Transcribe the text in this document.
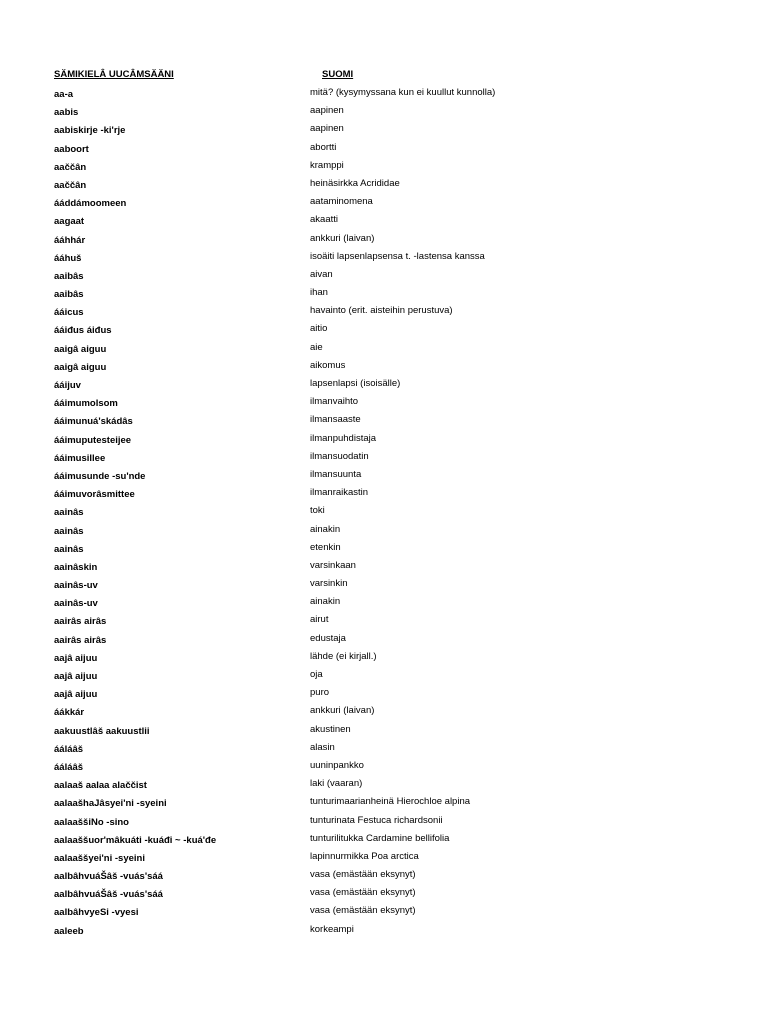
SÄMIKIELÂ UUCÂMSÄÄNI	SUOMI
aa-a	mitä? (kysymyssana kun ei kuullut kunnolla)
aabis	aapinen
aabiskirje -ki'rje	aapinen
aaboort	abortti
aaččân	kramppi
aaččân	heinäsirkka Acrididae
ááddámoomeen	aataminomena
aagaat	akaatti
ááhhár	ankkuri (laivan)
ááhuš	isoäiti lapsenlapsensa t. -lastensa kanssa
aaibâs	aivan
aaibâs	ihan
ááicus	havainto (erit. aisteihin perustuva)
ááiđus áiđus	aitio
aaigâ aiguu	aie
aaigâ aiguu	aikomus
ááijuv	lapsenlapsi (isoisälle)
ááimumolsom	ilmanvaihto
ááimunuá'skádâs	ilmansaaste
ááimuputesteijee	ilmanpuhdistaja
ááimusillee	ilmansuodatin
ááimusunde -su'nde	ilmansuunta
ááimuvorâsmittee	ilmanraikastin
aainâs	toki
aainâs	ainakin
aainâs	etenkin
aainâskin	varsinkaan
aainâs-uv	varsinkin
aainâs-uv	ainakin
aairâs airâs	airut
aairâs airâs	edustaja
aajâ aijuu	lähde (ei kirjall.)
aajâ aijuu	oja
aajâ aijuu	puro
áákkár	ankkuri (laivan)
aakuustlâš aakuustlii	akustinen
ááláâš	alasin
ááláâš	uuninpankko
aalaaš aalaa alaččist	laki (vaaran)
aalaašhaJâsyei'ni -syeini	tunturimaarianheinä Hierochloe alpina
aalaaššiNo -sino	tunturinata Festuca richardsonii
aalaaššuor'mâkuáti -kuáđi ~ -kuá'đe	tunturilitukka Cardamine bellifolia
aalaaššyei'ni -syeini	lapinnurmikka Poa arctica
aalbâhvuáŠâš -vuás'sáá	vasa (emästään eksynyt)
aalbâhvuáŠâš -vuás'sáá	vasa (emästään eksynyt)
aalbâhvyeSi -vyesi	vasa (emästään eksynyt)
aaleeb	korkeampi
